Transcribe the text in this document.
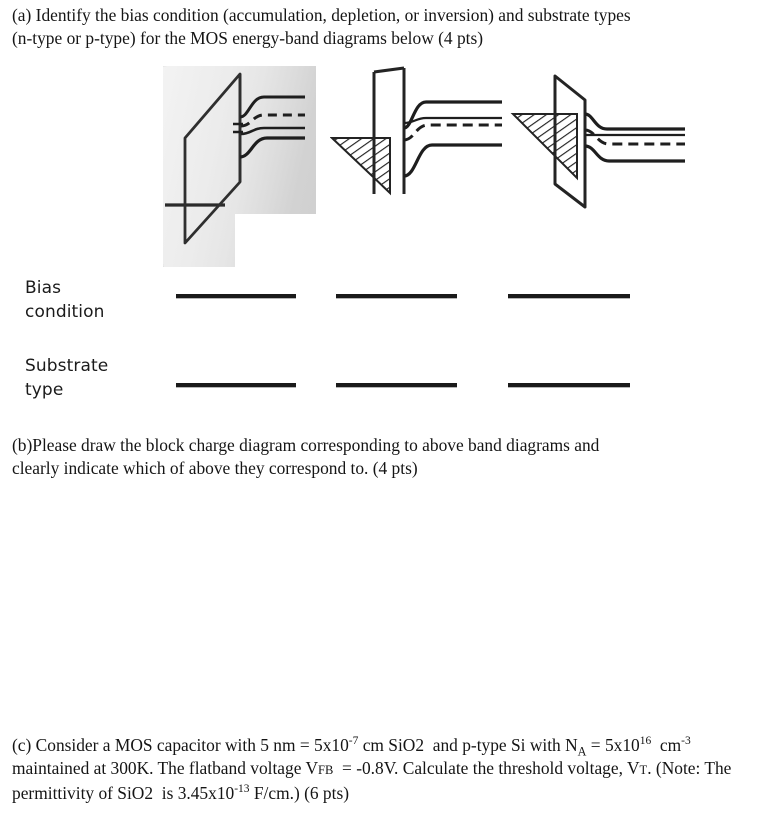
(a) Identify the bias condition (accumulation, depletion, or inversion) and substrate types
(n-type or p-type) for the MOS energy-band diagrams below (4 pts)
Bias
condition
Substrate
type
(b)Please draw the block charge diagram corresponding to above band diagrams and
clearly indicate which of above they correspond to. (4 pts)
(c) Consider a MOS capacitor with 5 nm = $5x10^{-7}$ cm SiO2  and p-type Si with $N_A = 5x10^{16}$  $cm^{-3}$ maintained at 300K. The flatband voltage VFB  = -0.8V. Calculate the threshold voltage, VT. (Note: The permittivity of SiO2  is $3.45x10^{-13}$ F/cm.) (6 pts)
